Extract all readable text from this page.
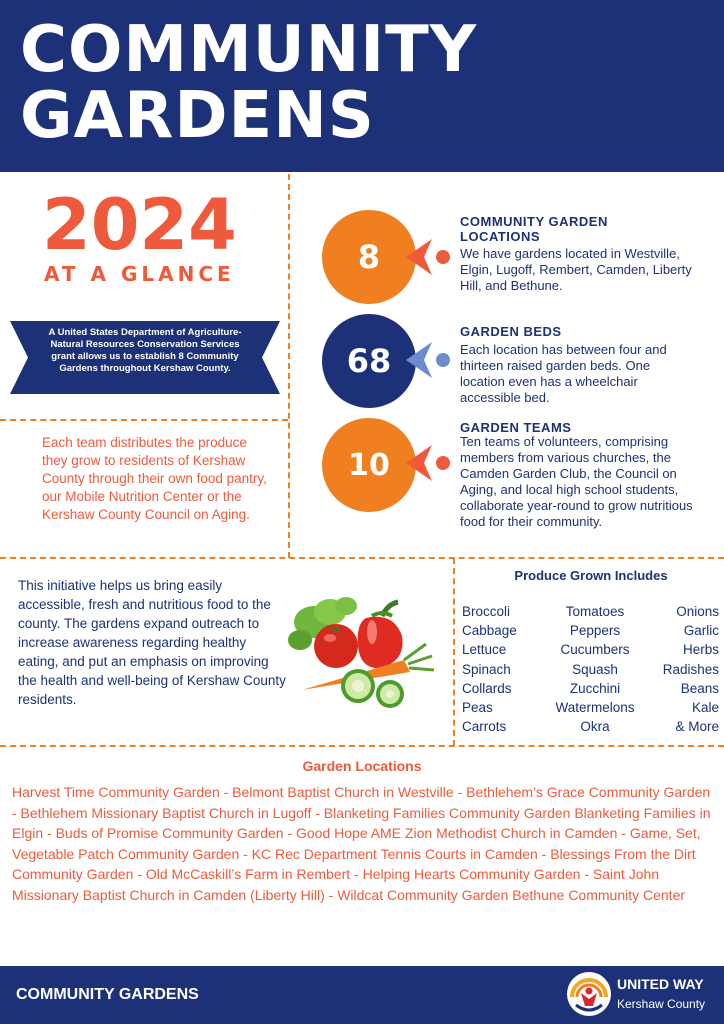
COMMUNITY
GARDENS
2024
AT A GLANCE
A United States Department of Agriculture-Natural Resources Conservation Services grant allows us to establish 8 Community Gardens throughout Kershaw County.
Each team distributes the produce they grow to residents of Kershaw County through their own food pantry, our Mobile Nutrition Center or the Kershaw County Council on Aging.
8
COMMUNITY GARDEN LOCATIONS
We have gardens located in Westville, Elgin, Lugoff, Rembert, Camden, Liberty Hill, and Bethune.
68
GARDEN BEDS
Each location has between four and thirteen raised garden beds. One location even has a wheelchair accessible bed.
10
GARDEN TEAMS
Ten teams of volunteers, comprising members from various churches, the Camden Garden Club, the Council on Aging, and local high school students, collaborate year-round to grow nutritious food for their community.
This initiative helps us bring easily accessible, fresh and nutritious food to the county. The gardens expand outreach to increase awareness regarding healthy eating, and put an emphasis on improving the health and well-being of Kershaw County residents.
Produce Grown Includes
Broccoli
Cabbage
Lettuce
Spinach
Collards
Peas
Carrots
Tomatoes
Peppers
Cucumbers
Squash
Zucchini
Watermelons
Okra
Onions
Garlic
Herbs
Radishes
Beans
Kale
& More
Garden Locations
Harvest Time Community Garden - Belmont Baptist Church in Westville - Bethlehem’s Grace Community Garden - Bethlehem Missionary Baptist Church in Lugoff - Blanketing Families Community Garden Blanketing Families in Elgin - Buds of Promise Community Garden - Good Hope AME Zion Methodist Church in Camden - Game, Set, Vegetable Patch Community Garden - KC Rec Department Tennis Courts in Camden - Blessings From the Dirt Community Garden - Old McCaskill’s Farm in Rembert - Helping Hearts Community Garden - Saint John Missionary Baptist Church in Camden (Liberty Hill) - Wildcat Community Garden Bethune Community Center
COMMUNITY GARDENS
UNITED WAY
Kershaw County
